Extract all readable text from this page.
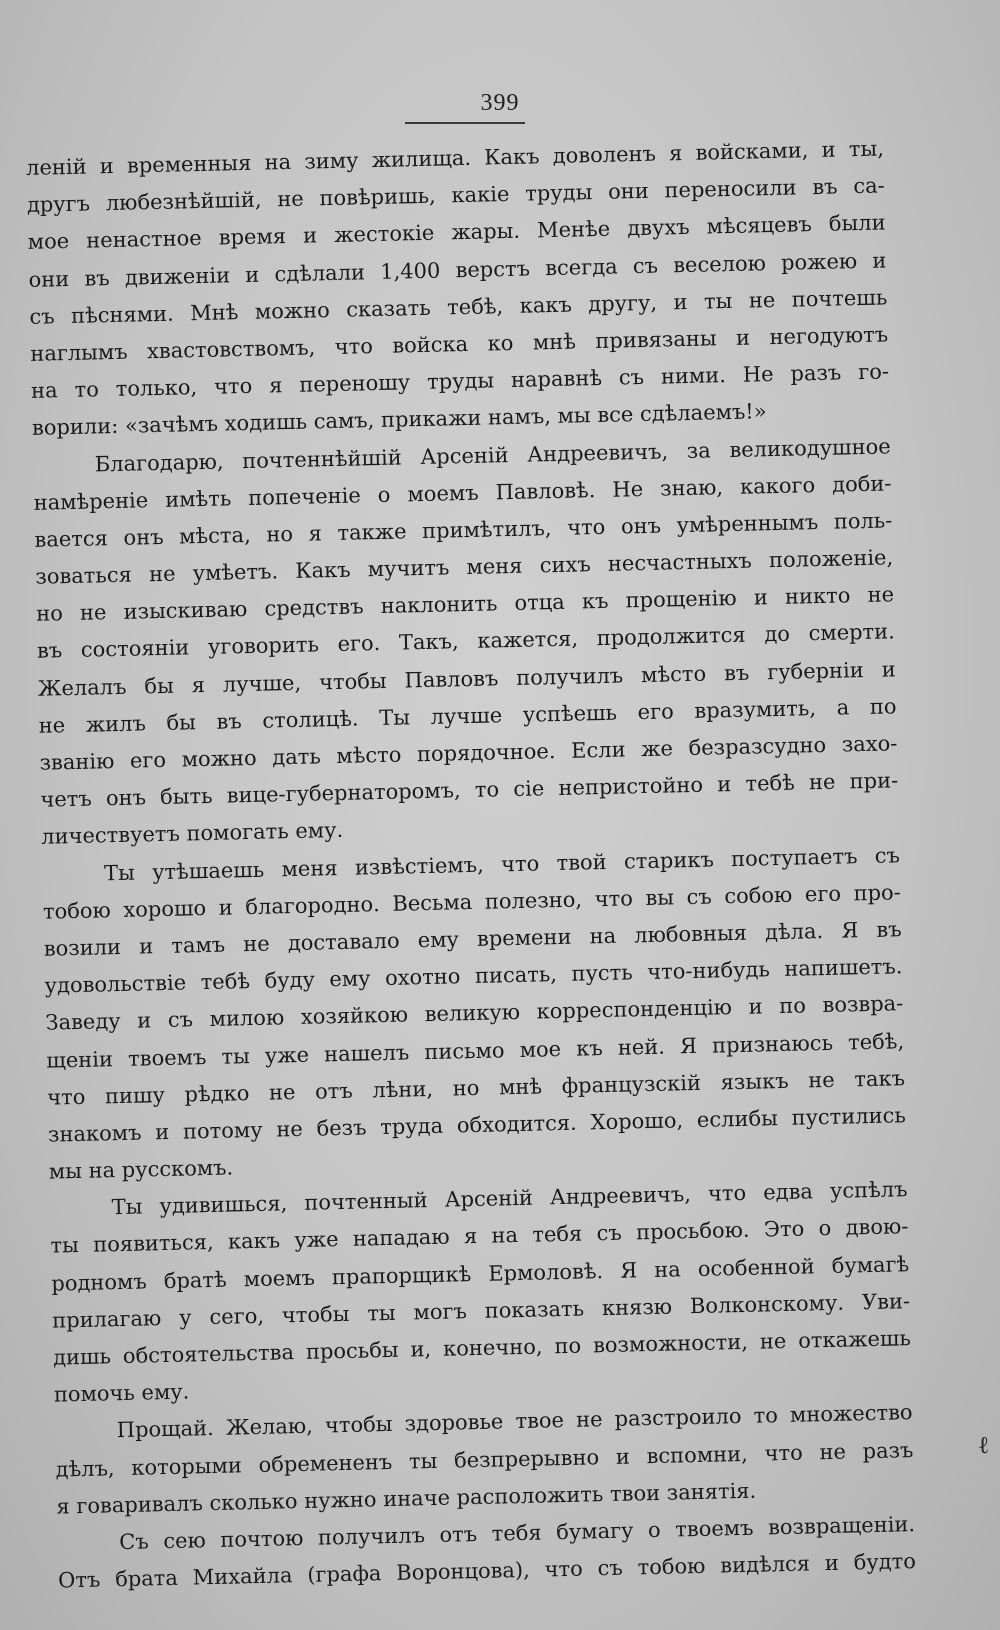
399
леній и временныя на зиму жилища. Какъ доволенъ я войсками, и ты,
другъ любезнѣйшій, не повѣришь, какіе труды они переносили въ са-
мое ненастное время и жестокіе жары. Менѣе двухъ мѣсяцевъ были
они въ движеніи и сдѣлали 1,400 верстъ всегда съ веселою рожею и
съ пѣснями. Мнѣ можно сказать тебѣ, какъ другу, и ты не почтешь
наглымъ хвастовствомъ, что войска ко мнѣ привязаны и негодуютъ
на то только, что я переношу труды наравнѣ съ ними. Не разъ го-
ворили: «зачѣмъ ходишь самъ, прикажи намъ, мы все сдѣлаемъ!»
Благодарю, почтеннѣйшій Арсеній Андреевичъ, за великодушное
намѣреніе имѣть попеченіе о моемъ Павловѣ. Не знаю, какого доби-
вается онъ мѣста, но я также примѣтилъ, что онъ умѣреннымъ поль-
зоваться не умѣетъ. Какъ мучитъ меня сихъ несчастныхъ положеніе,
но не изыскиваю средствъ наклонить отца къ прощенію и никто не
въ состояніи уговорить его. Такъ, кажется, продолжится до смерти.
Желалъ бы я лучше, чтобы Павловъ получилъ мѣсто въ губерніи и
не жилъ бы въ столицѣ. Ты лучше успѣешь его вразумить, а по
званію его можно дать мѣсто порядочное. Если же безразсудно захо-
четъ онъ быть вице-губернаторомъ, то сіе непристойно и тебѣ не при-
личествуетъ помогать ему.
Ты утѣшаешь меня извѣстіемъ, что твой старикъ поступаетъ съ
тобою хорошо и благородно. Весьма полезно, что вы съ собою его про-
возили и тамъ не доставало ему времени на любовныя дѣла. Я въ
удовольствіе тебѣ буду ему охотно писать, пусть что-нибудь напишетъ.
Заведу и съ милою хозяйкою великую корреспонденцію и по возвра-
щеніи твоемъ ты уже нашелъ письмо мое къ ней. Я признаюсь тебѣ,
что пишу рѣдко не отъ лѣни, но мнѣ французскій языкъ не такъ
знакомъ и потому не безъ труда обходится. Хорошо, еслибы пустились
мы на русскомъ.
Ты удивишься, почтенный Арсеній Андреевичъ, что едва успѣлъ
ты появиться, какъ уже нападаю я на тебя съ просьбою. Это о двою-
родномъ братѣ моемъ прапорщикѣ Ермоловѣ. Я на особенной бумагѣ
прилагаю у сего, чтобы ты могъ показать князю Волконскому. Уви-
дишь обстоятельства просьбы и, конечно, по возможности, не откажешь
помочь ему.
Прощай. Желаю, чтобы здоровье твое не разстроило то множество
дѣлъ, которыми обремененъ ты безпрерывно и вспомни, что не разъ
я говаривалъ сколько нужно иначе расположить твои занятія.
Съ сею почтою получилъ отъ тебя бумагу о твоемъ возвращеніи.
Отъ брата Михайла (графа Воронцова), что съ тобою видѣлся и будто
ℓ
